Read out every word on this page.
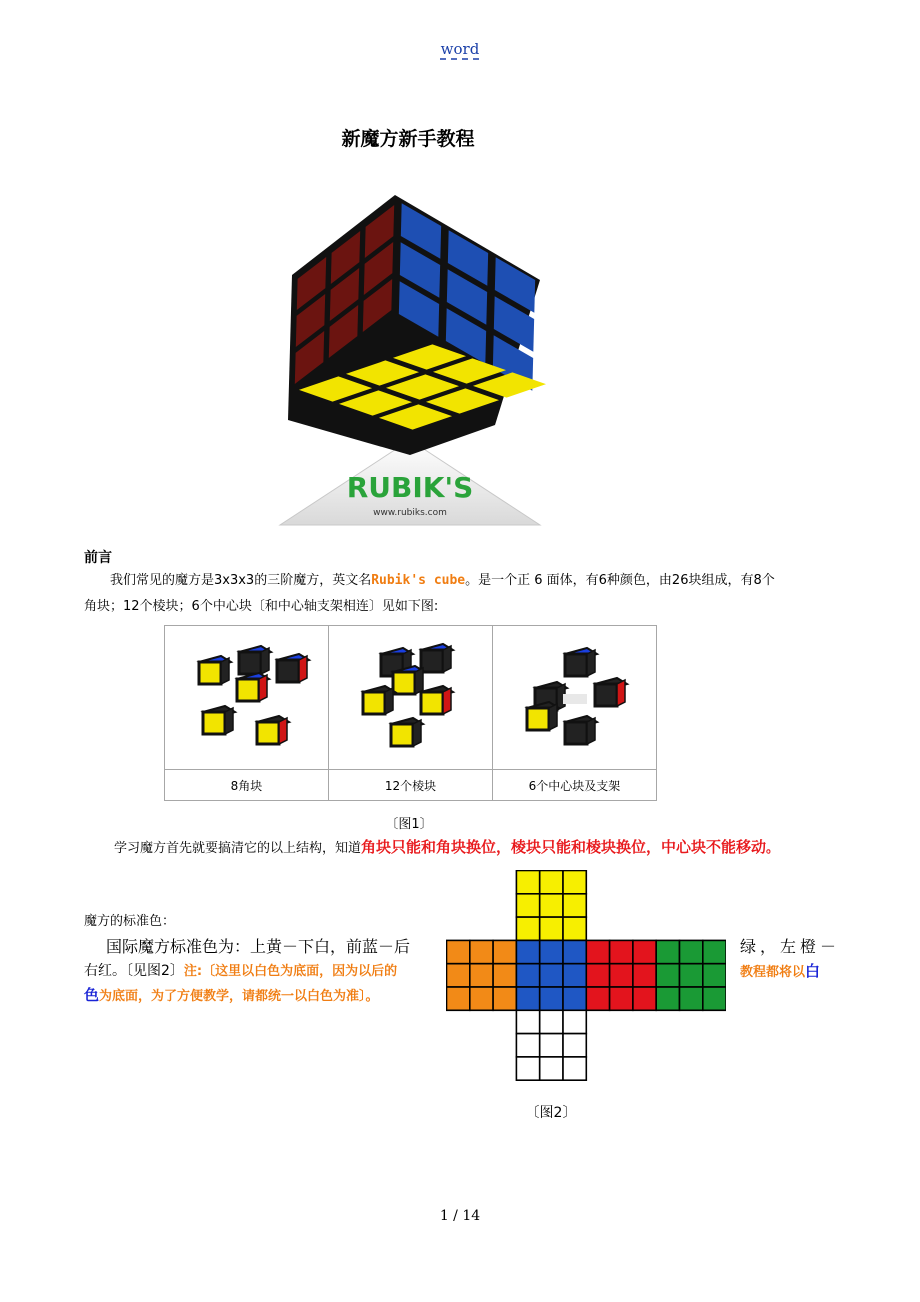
word
新魔方新手教程
RUBIK'S
www.rubiks.com
前言
我们常见的魔方是3x3x3的三阶魔方，英文名Rubik's cube。是一个正 6 面体，有6种颜色，由26块组成，有8个
角块；12个棱块；6个中心块〔和中心轴支架相连〕见如下图:

8角块	12个棱块	6个中心块及支架
〔图1〕
学习魔方首先就要搞清它的以上结构，知道角块只能和角块换位，棱块只能和棱块换位，中心块不能移动。
魔方的标准色：
国际魔方标准色为：上黄－下白，前蓝－后	绿，左橙－
右红。〔见图2〕注:〔这里以白色为底面，因为以后的	教程都将以白
色为底面，为了方便教学，请都统一以白色为准〕。
〔图2〕
1 / 14
